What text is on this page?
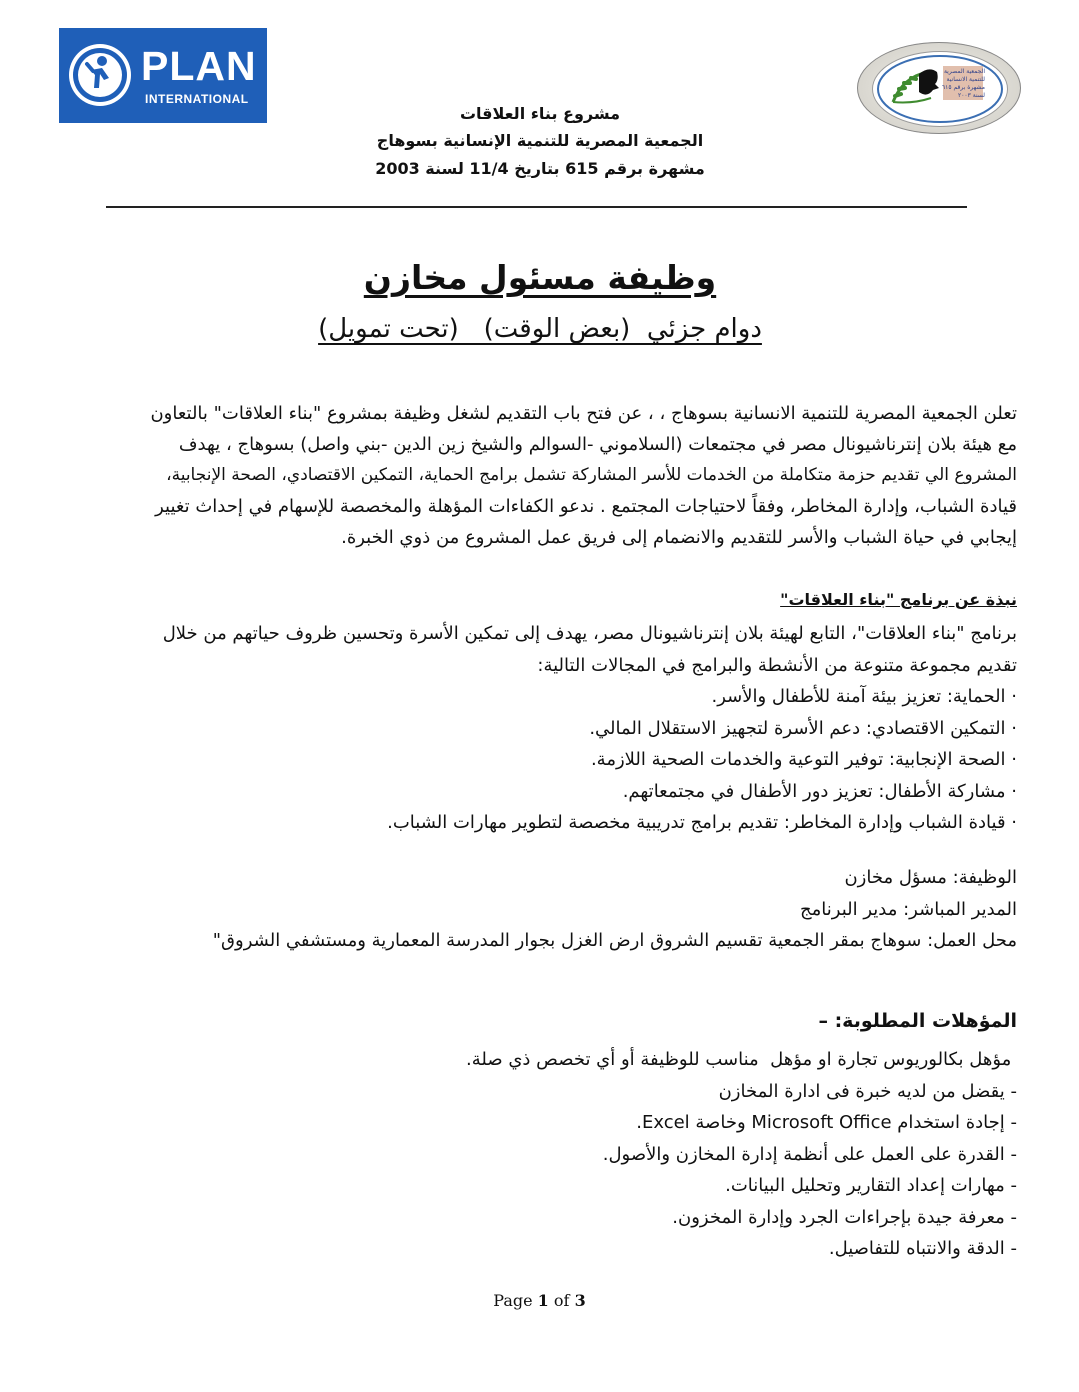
PLAN
INTERNATIONAL
الجمعية المصرية للتنمية الانسانية مشهرة برقم ٦١٥ لسنة ٢٠٠٣
مشروع بناء العلاقات
الجمعية المصرية للتنمية الإنسانية بسوهاج
مشهرة برقم 615 بتاريخ 11/4 لسنة 2003
وظيفة مسئول مخازن
دوام جزئي  (بعض الوقت)   (تحت تمويل)
تعلن الجمعية المصرية للتنمية الانسانية بسوهاج ، ، عن فتح باب التقديم لشغل وظيفة بمشروع "بناء العلاقات" بالتعاون
مع هيئة بلان إنترناشيونال مصر في مجتمعات (السلاموني -السوالم والشيخ زين الدين -بني واصل) بسوهاج ، يهدف
المشروع الي تقديم حزمة متكاملة من الخدمات للأسر المشاركة تشمل برامج الحماية، التمكين الاقتصادي، الصحة الإنجابية،
قيادة الشباب، وإدارة المخاطر، وفقاً لاحتياجات المجتمع . ندعو الكفاءات المؤهلة والمخصصة للإسهام في إحداث تغيير
إيجابي في حياة الشباب والأسر للتقديم والانضمام إلى فريق عمل المشروع من ذوي الخبرة.
نبذة عن برنامج "بناء العلاقات"
برنامج "بناء العلاقات"، التابع لهيئة بلان إنترناشيونال مصر، يهدف إلى تمكين الأسرة وتحسين ظروف حياتهم من خلال
تقديم مجموعة متنوعة من الأنشطة والبرامج في المجالات التالية:
· الحماية: تعزيز بيئة آمنة للأطفال والأسر.
· التمكين الاقتصادي: دعم الأسرة لتجهيز الاستقلال المالي.
· الصحة الإنجابية: توفير التوعية والخدمات الصحية اللازمة.
· مشاركة الأطفال: تعزيز دور الأطفال في مجتمعاتهم.
· قيادة الشباب وإدارة المخاطر: تقديم برامج تدريبية مخصصة لتطوير مهارات الشباب.
الوظيفة: مسؤل مخازن
المدير المباشر: مدير البرنامج
محل العمل: سوهاج بمقر الجمعية تقسيم الشروق ارض الغزل بجوار المدرسة المعمارية ومستشفي الشروق"
المؤهلات المطلوبة: –
مؤهل بكالوريوس تجارة او مؤهل  مناسب للوظيفة أو أي تخصص ذي صلة.
- يقضل من لديه خبرة فى ادارة المخازن
- إجادة استخدام Microsoft Office وخاصة Excel.
- القدرة على العمل على أنظمة إدارة المخازن والأصول.
- مهارات إعداد التقارير وتحليل البيانات.
- معرفة جيدة بإجراءات الجرد وإدارة المخزون.
- الدقة والانتباه للتفاصيل.
Page 1 of 3
